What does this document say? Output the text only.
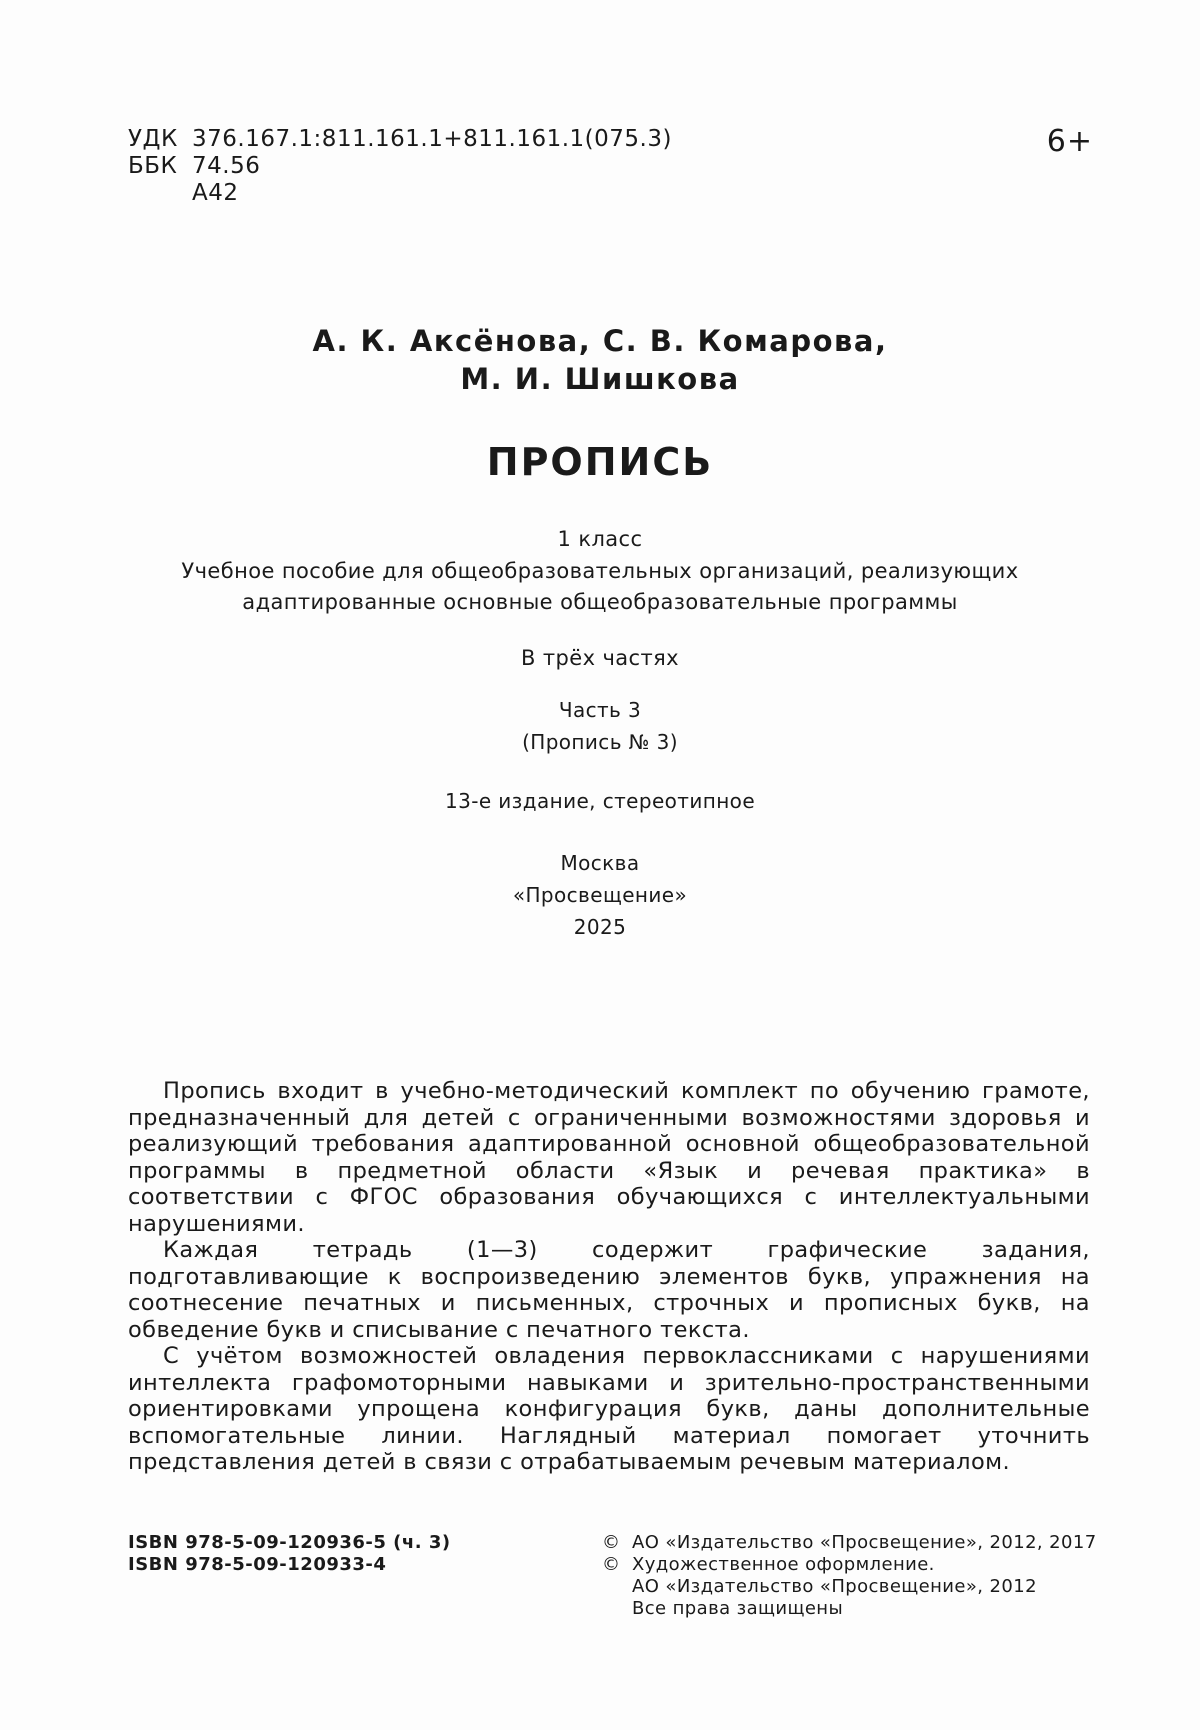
УДК 376.167.1:811.161.1+811.161.1(075.3)
ББК 74.56
А42
6+
А. К. Аксёнова, С. В. Комарова,
М. И. Шишкова
ПРОПИСЬ
1 класс
Учебное пособие для общеобразовательных организаций, реализующих
адаптированные основные общеобразовательные программы
В трёх частях
Часть 3
(Пропись № 3)
13-е издание, стереотипное
Москва
«Просвещение»
2025

Пропись входит в учебно-методический комплект по обучению грамоте, предназначенный для детей с ограниченными возможностями здоровья и реализующий требования адаптированной основной общеобразовательной программы в предметной области «Язык и речевая практика» в соответствии с ФГОС образования обучающихся с интеллектуальными нарушениями.

Каждая тетрадь (1—3) содержит графические задания, подготавливающие к воспроизведению элементов букв, упражнения на соотнесение печатных и письменных, строчных и прописных букв, на обведение букв и списывание с печатного текста.

С учётом возможностей овладения первоклассниками с нарушениями интеллекта графомоторными навыками и зрительно-пространственными ориентировками упрощена конфигурация букв, даны дополнительные вспомогательные линии. Наглядный материал помогает уточнить представления детей в связи с отрабатываемым речевым материалом.

ISBN 978-5-09-120936-5 (ч. 3)
ISBN 978-5-09-120933-4
© АО «Издательство «Просвещение», 2012, 2017
© Художественное оформление.
АО «Издательство «Просвещение», 2012
Все права защищены
